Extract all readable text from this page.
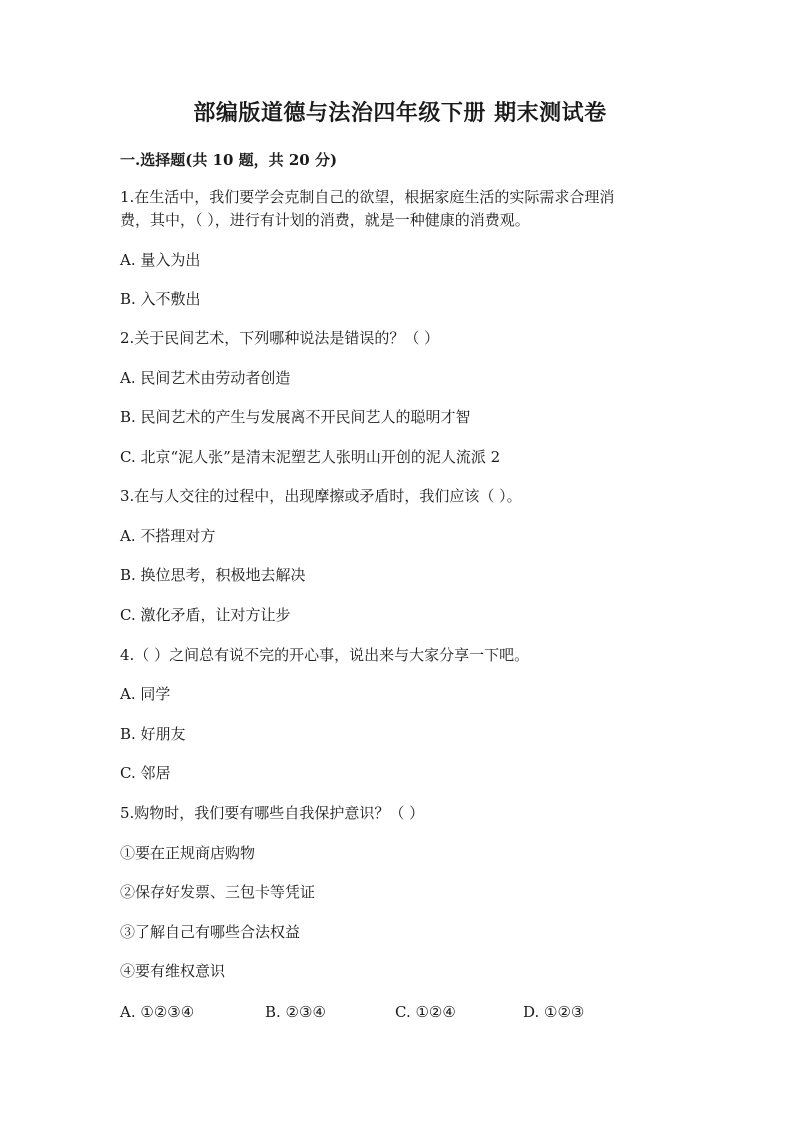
部编版道德与法治四年级下册 期末测试卷
一.选择题(共 10 题，共 20 分)
1.在生活中，我们要学会克制自己的欲望，根据家庭生活的实际需求合理消
费，其中，（ ），进行有计划的消费，就是一种健康的消费观。
A. 量入为出
B. 入不敷出
2.关于民间艺术，下列哪种说法是错误的？（ ）
A. 民间艺术由劳动者创造
B. 民间艺术的产生与发展离不开民间艺人的聪明才智
C. 北京“泥人张”是清末泥塑艺人张明山开创的泥人流派 2
3.在与人交往的过程中，出现摩擦或矛盾时，我们应该（ ）。
A. 不搭理对方
B. 换位思考，积极地去解决
C. 激化矛盾，让对方让步
4.（ ）之间总有说不完的开心事，说出来与大家分享一下吧。
A. 同学
B. 好朋友
C. 邻居
5.购物时，我们要有哪些自我保护意识？（ ）
①要在正规商店购物
②保存好发票、三包卡等凭证
③了解自己有哪些合法权益
④要有维权意识
A. ①②③④	B. ②③④	C. ①②④	D. ①②③
